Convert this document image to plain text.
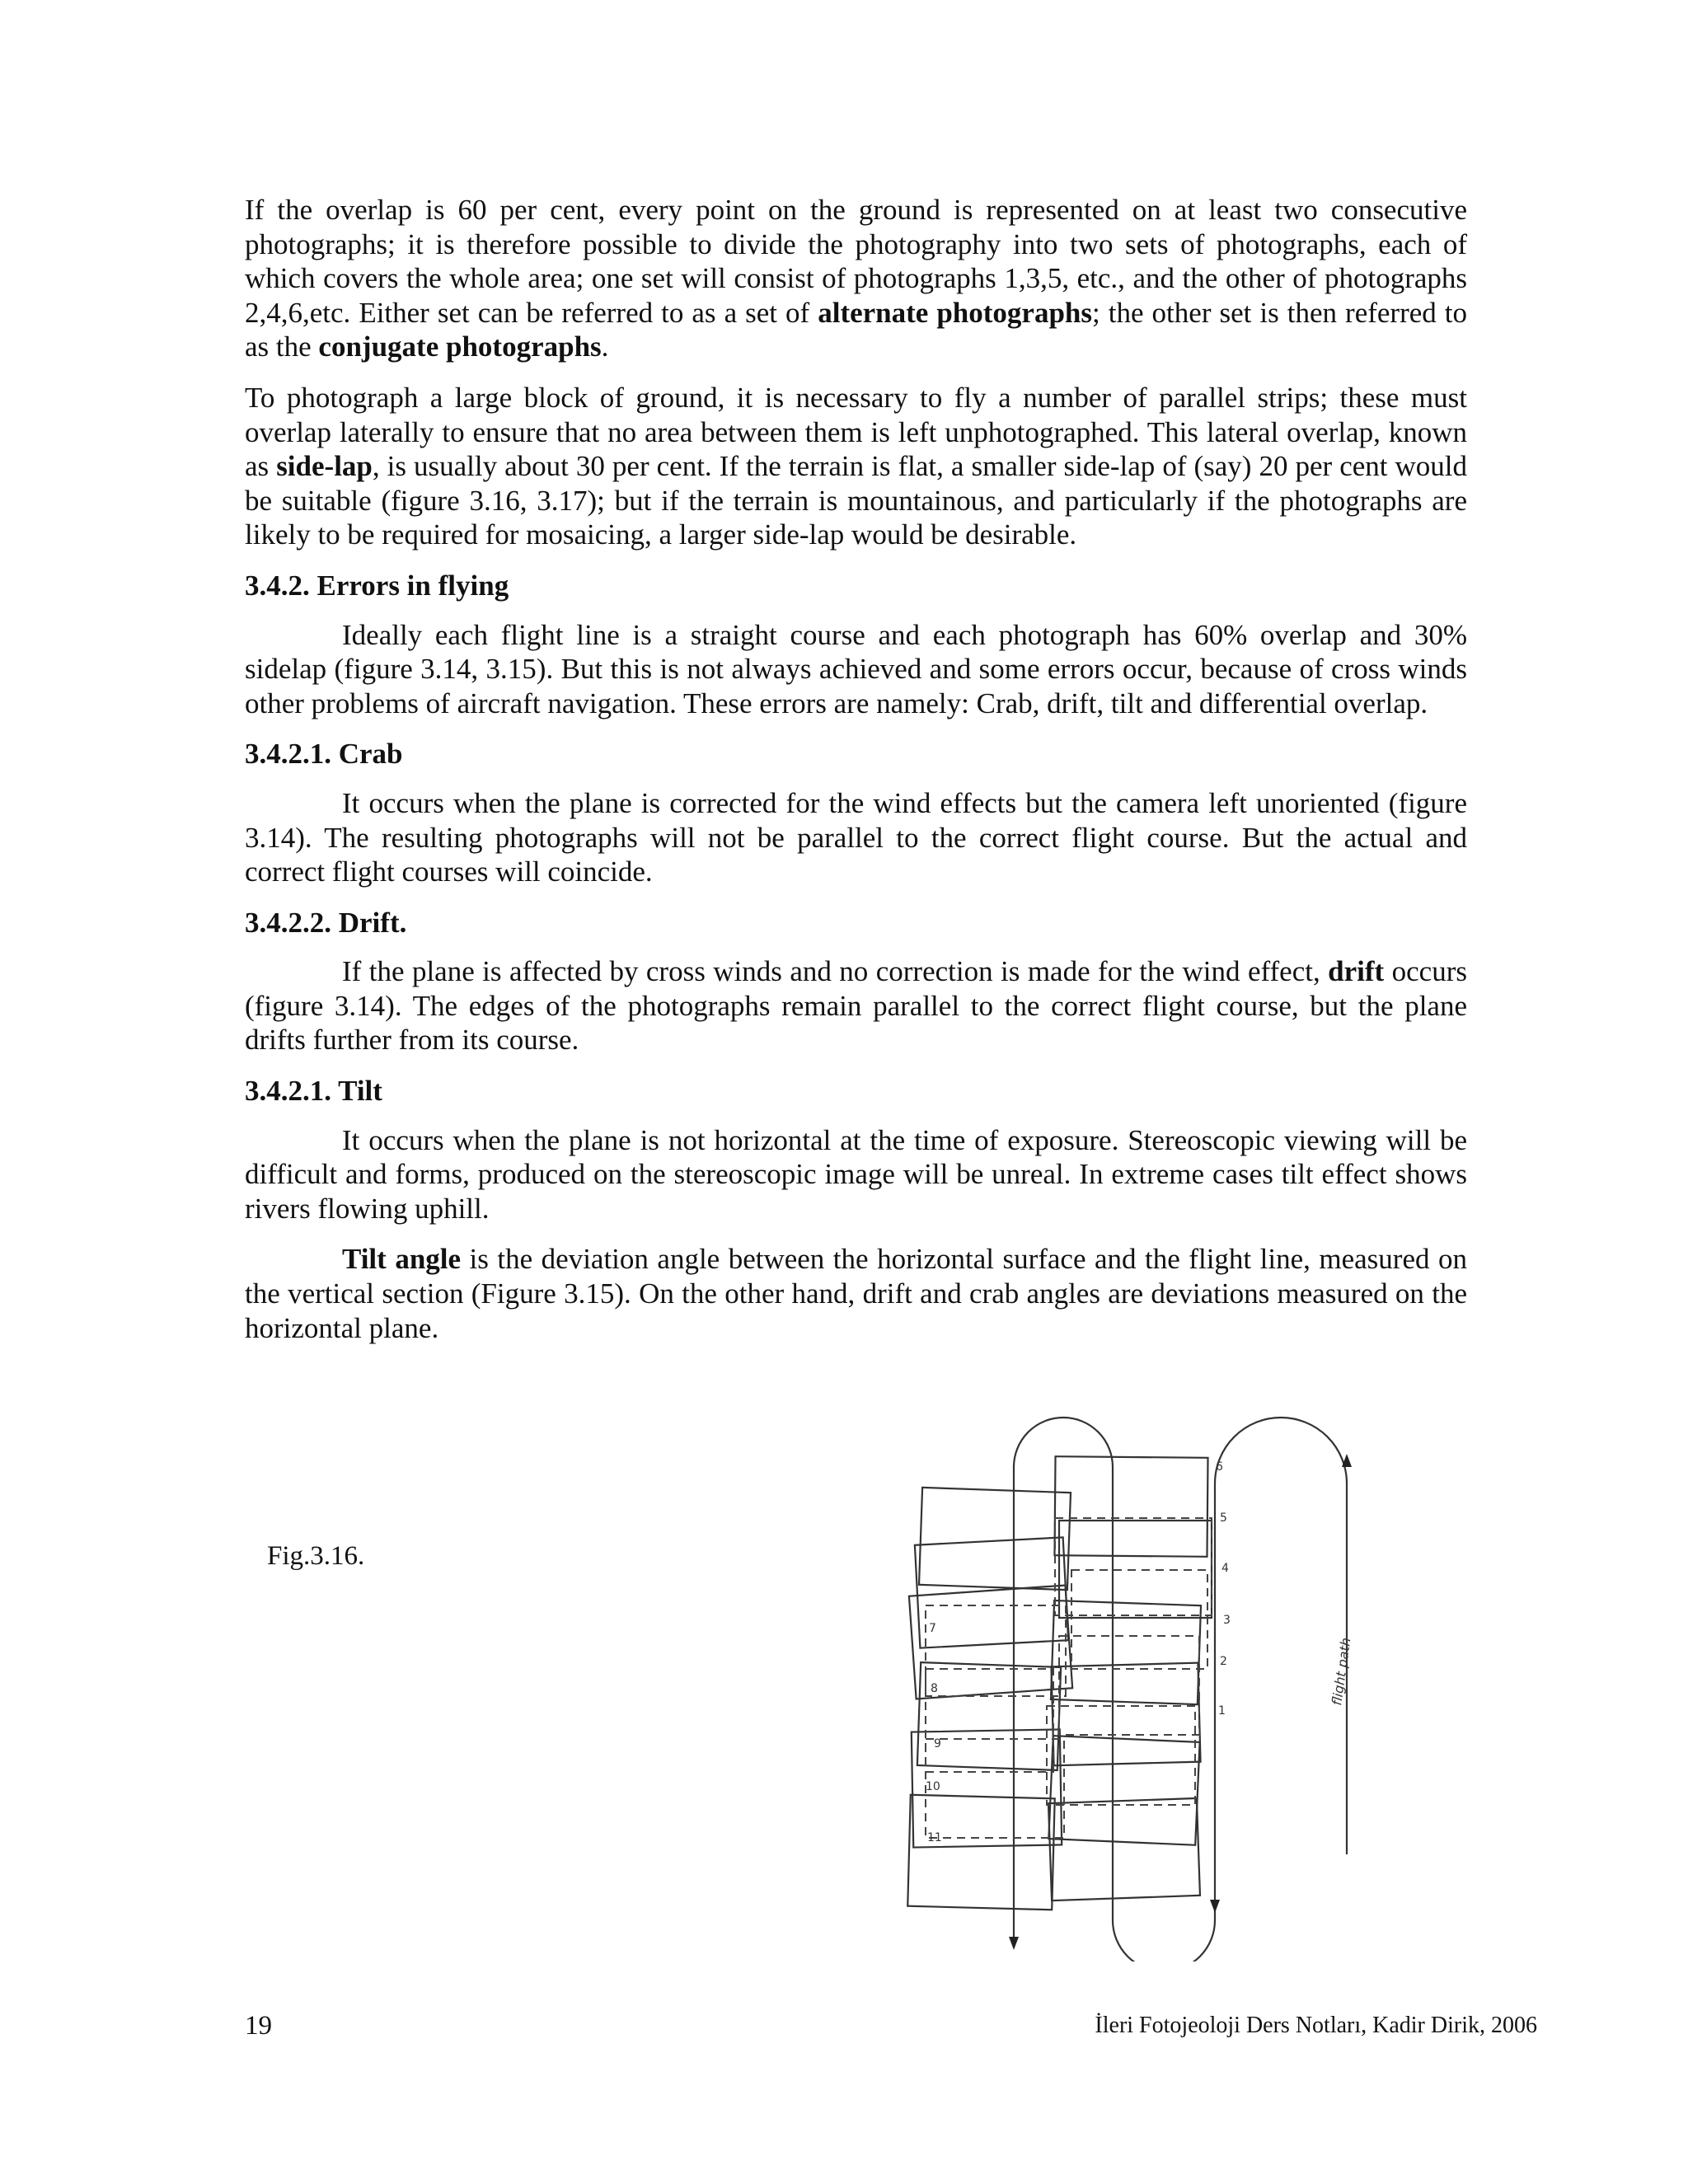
If the overlap is 60 per cent, every point on the ground is represented on at least two consecutive photographs; it is therefore possible to divide the photography into two sets of photographs, each of which covers the whole area; one set will consist of photographs 1,3,5, etc., and the other of photographs 2,4,6,etc. Either set can be referred to as a set of alternate photographs; the other set is then referred to as the conjugate photographs.

To photograph a large block of ground, it is necessary to fly a number of parallel strips; these must overlap laterally to ensure that no area between them is left unphotographed. This lateral overlap, known as side-lap, is usually about 30 per cent. If the terrain is flat, a smaller side-lap of (say) 20 per cent would be suitable (figure 3.16, 3.17); but if the terrain is mountainous, and particularly if the photographs are likely to be required for mosaicing, a larger side-lap would be desirable.

3.4.2. Errors in flying

Ideally each flight line is a straight course and each photograph has 60% overlap and 30% sidelap (figure 3.14, 3.15). But this is not always achieved and some errors occur, because of cross winds other problems of aircraft navigation. These errors are namely: Crab, drift, tilt and differential overlap.

3.4.2.1. Crab

It occurs when the plane is corrected for the wind effects but the camera left unoriented (figure 3.14). The resulting photographs will not be parallel to the correct flight course. But the actual and correct flight courses will coincide.

3.4.2.2. Drift.

If the plane is affected by cross winds and no correction is made for the wind effect, drift occurs (figure 3.14). The edges of the photographs remain parallel to the correct flight course, but the plane drifts further from its course.

3.4.2.1. Tilt

It occurs when the plane is not horizontal at the time of exposure. Stereoscopic viewing will be difficult and forms, produced on the stereoscopic image will be unreal. In extreme cases tilt effect shows rivers flowing uphill.

Tilt angle is the deviation angle between the horizontal surface and the flight line, measured on the vertical section (Figure 3.15). On the other hand, drift and crab angles are deviations measured on the horizontal plane.

Fig.3.16.
6
5
4
3
2
1
7
8
9
10
11
flight path
19	İleri Fotojeoloji Ders Notları, Kadir Dirik, 2006
